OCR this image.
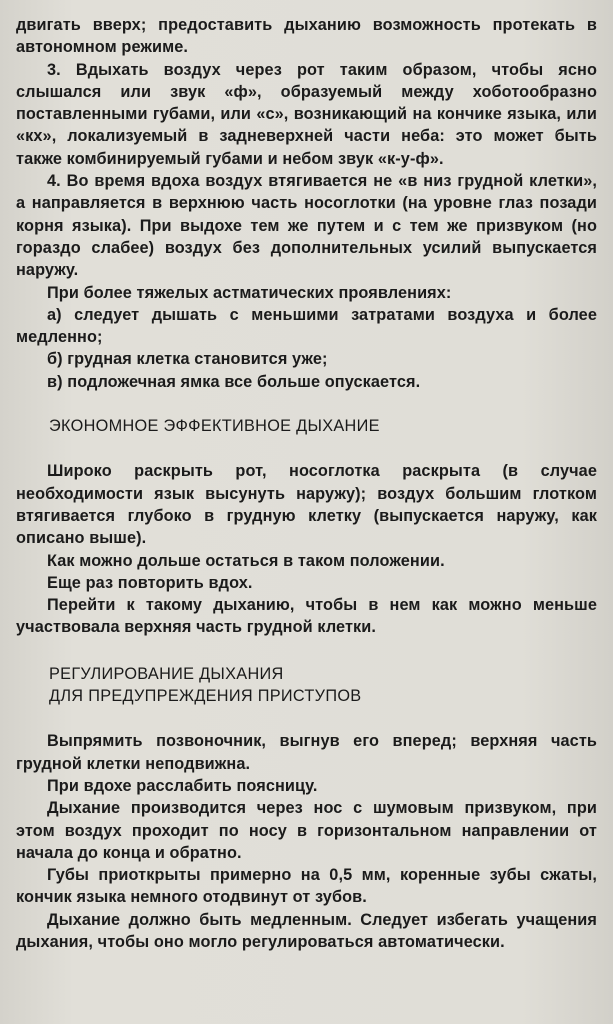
двигать вверх; предоставить дыханию возможность протекать в автономном режиме.

3. Вдыхать воздух через рот таким образом, чтобы ясно слышался или звук «ф», образуемый между хоботообразно поставленными губами, или «с», возникающий на кончике языка, или «кх», локализуемый в задневерхней части неба: это может быть также комбинируемый губами и небом звук «к-у-ф».

4. Во время вдоха воздух втягивается не «в низ грудной клетки», а направляется в верхнюю часть носоглотки (на уровне глаз позади корня языка). При выдохе тем же путем и с тем же призвуком (но гораздо слабее) воздух без дополнительных усилий выпускается наружу.

При более тяжелых астматических проявлениях:

а) следует дышать с меньшими затратами воздуха и более медленно;

б) грудная клетка становится уже;

в) подложечная ямка все больше опускается.

ЭКОНОМНОЕ ЭФФЕКТИВНОЕ ДЫХАНИЕ

Широко раскрыть рот, носоглотка раскрыта (в случае необходимости язык высунуть наружу); воздух большим глотком втягивается глубоко в грудную клетку (выпускается наружу, как описано выше).

Как можно дольше остаться в таком положении.

Еще раз повторить вдох.

Перейти к такому дыханию, чтобы в нем как можно меньше участвовала верхняя часть грудной клетки.

РЕГУЛИРОВАНИЕ ДЫХАНИЯ
ДЛЯ ПРЕДУПРЕЖДЕНИЯ ПРИСТУПОВ

Выпрямить позвоночник, выгнув его вперед; верхняя часть грудной клетки неподвижна.

При вдохе расслабить поясницу.

Дыхание производится через нос с шумовым призвуком, при этом воздух проходит по носу в горизонтальном направлении от начала до конца и обратно.

Губы приоткрыты примерно на 0,5 мм, коренные зубы сжаты, кончик языка немного отодвинут от зубов.

Дыхание должно быть медленным. Следует избегать учащения дыхания, чтобы оно могло регулироваться автоматически.
